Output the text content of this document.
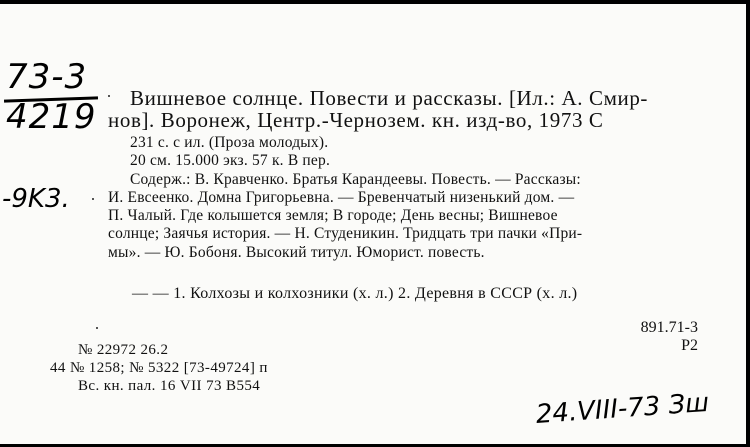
73-3
4219
-9K3.
Вишневое солнце. Повести и рассказы. [Ил.: А. Смир-
нов]. Воронеж, Центр.-Чернозем. кн. изд-во, 1973 С
231 с. с ил. (Проза молодых).
20 см. 15.000 экз. 57 к. В пер.
Содерж.: В. Кравченко. Братья Карандеевы. Повесть. — Рассказы:
И. Евсеенко. Домна Григорьевна. — Бревенчатый низенький дом. —
П. Чалый. Где колышется земля; В городе; День весны; Вишневое
солнце; Заячья история. — Н. Студеникин. Тридцать три пачки «При-
мы». — Ю. Бобоня. Высокий титул. Юморист. повесть.
— — 1. Колхозы и колхозники (х. л.) 2. Деревня в СССР (х. л.)
891.71-3
Р2
№ 22972 26.2
44 № 1258; № 5322 [73-49724] п
Вс. кн. пал. 16 VII 73 В554
24.VIII-73 Зш
